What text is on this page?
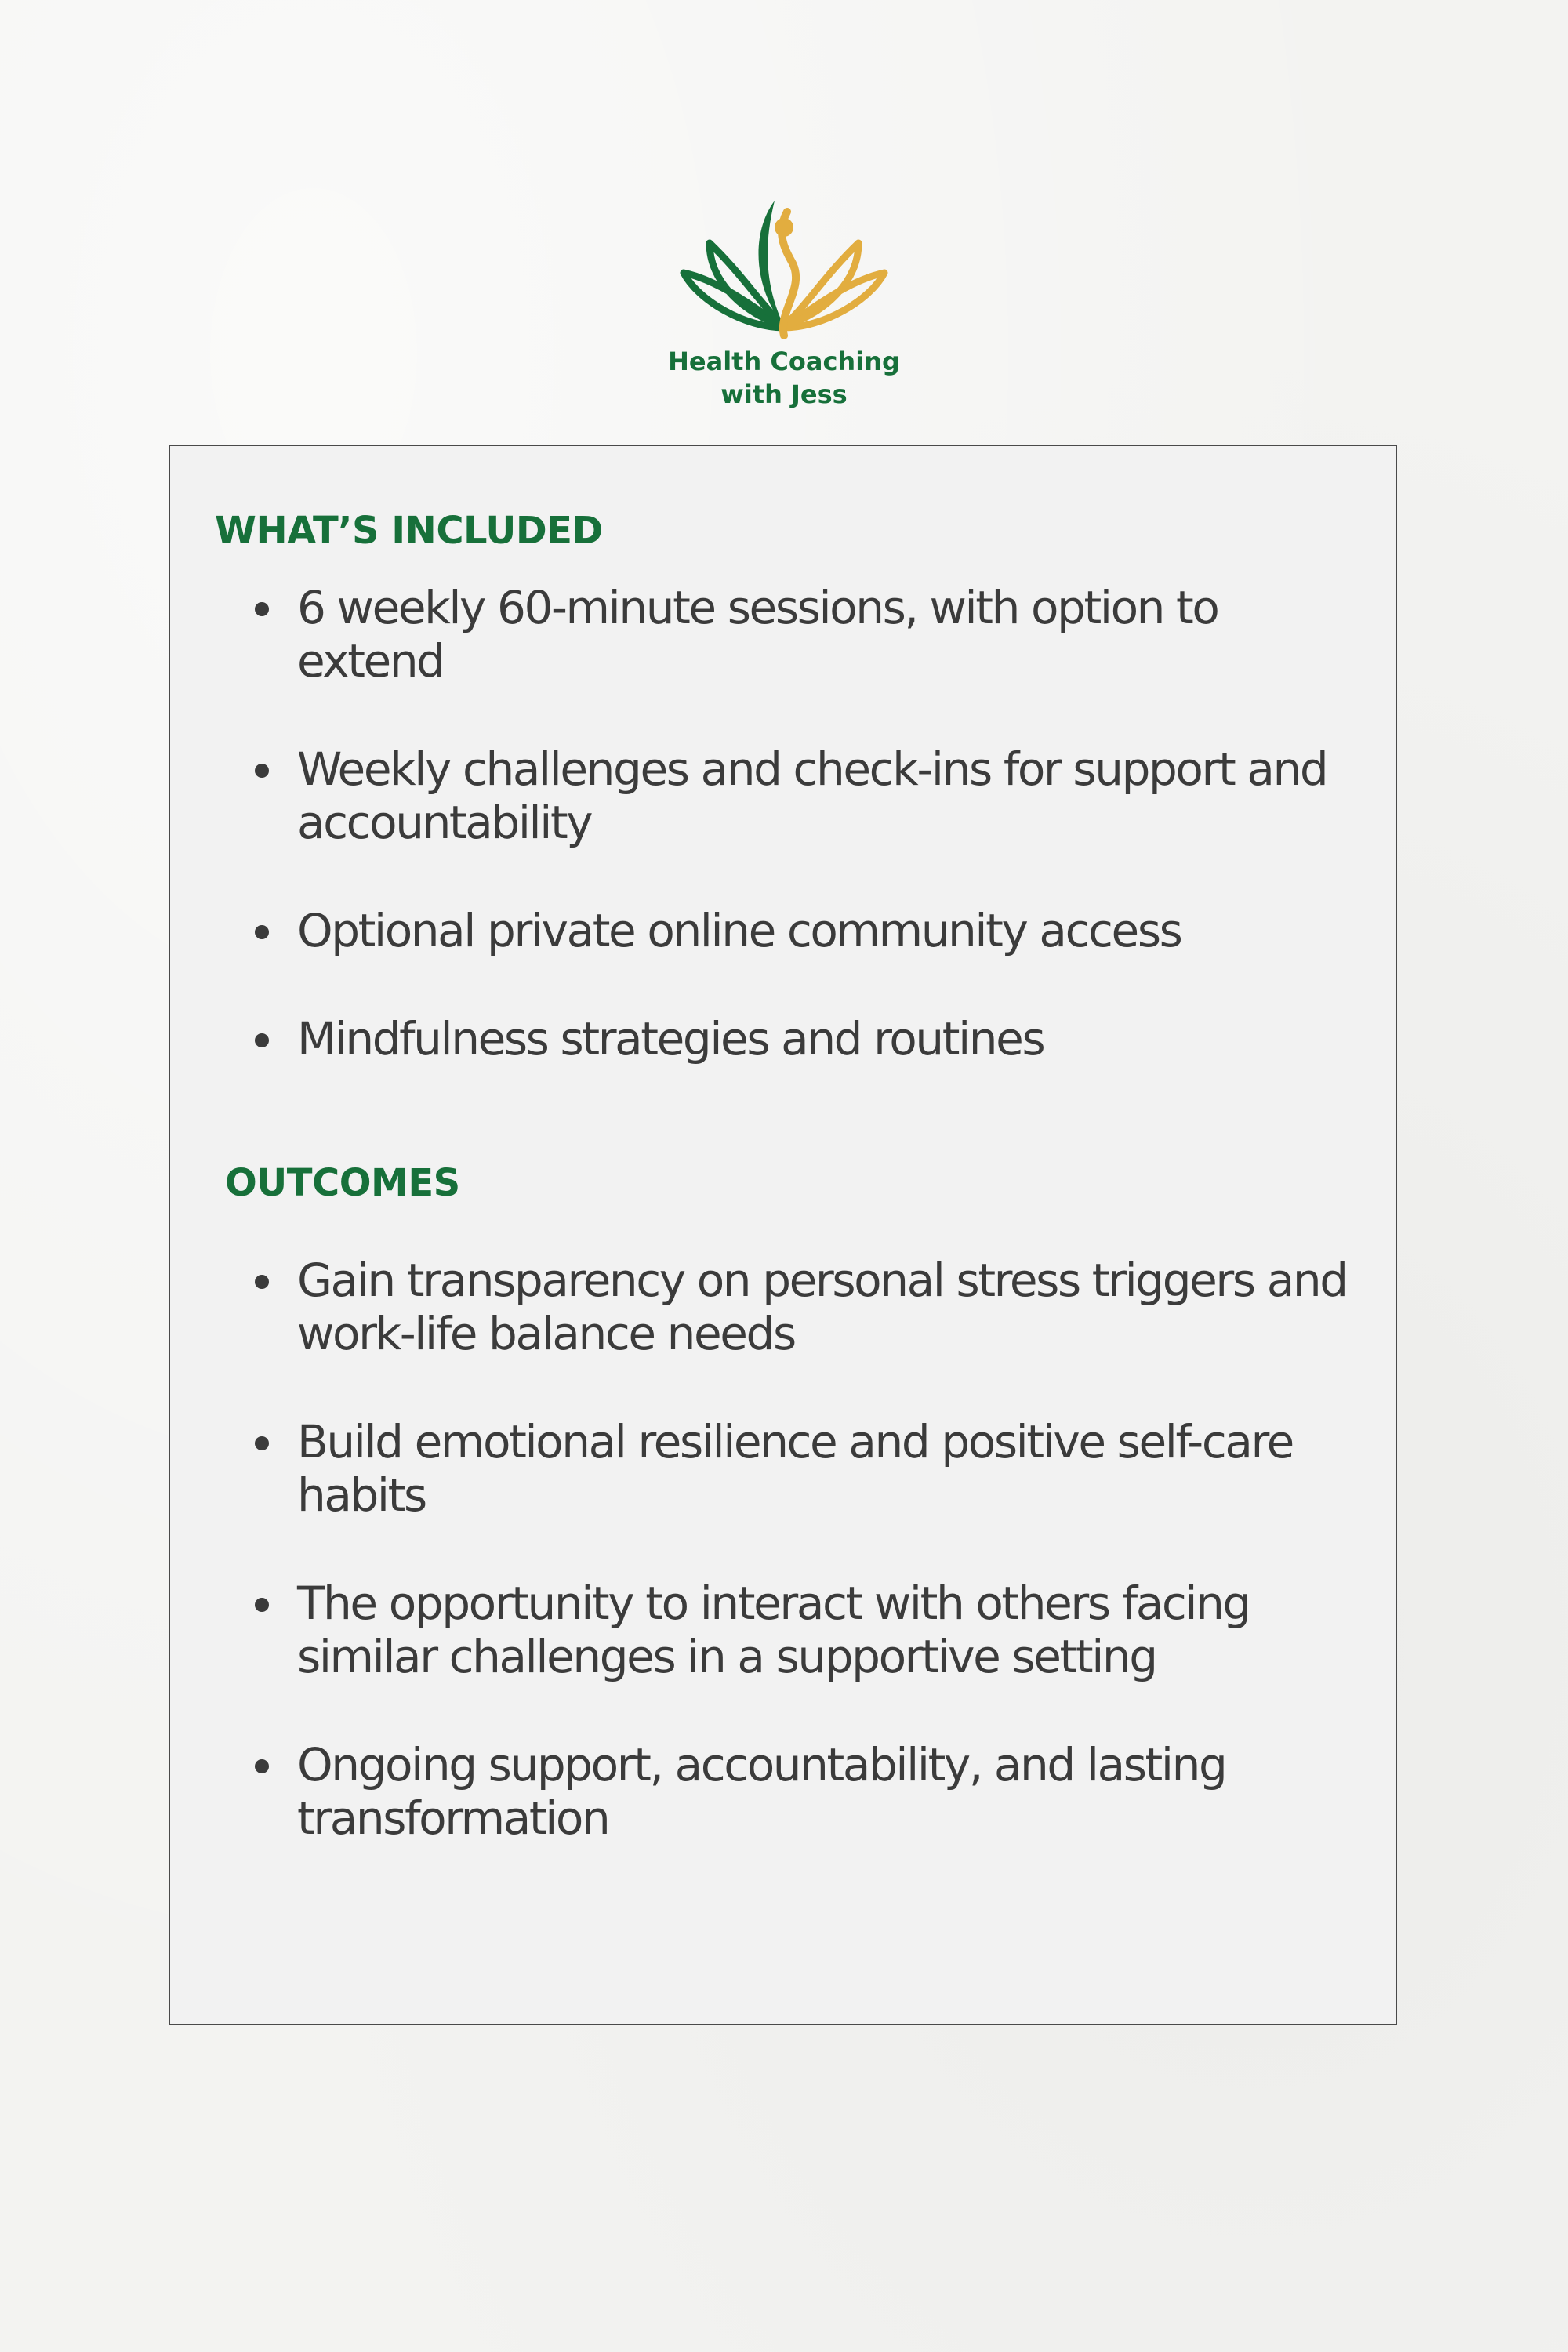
Health Coaching
with Jess
WHAT’S INCLUDED
6 weekly 60-minute sessions, with option to extend
Weekly challenges and check-ins for support and accountability
Optional private online community access
Mindfulness strategies and routines
OUTCOMES
Gain transparency on personal stress triggers and work-life balance needs
Build emotional resilience and positive self-care habits
The opportunity to interact with others facing similar challenges in a supportive setting
Ongoing support, accountability, and lasting transformation
